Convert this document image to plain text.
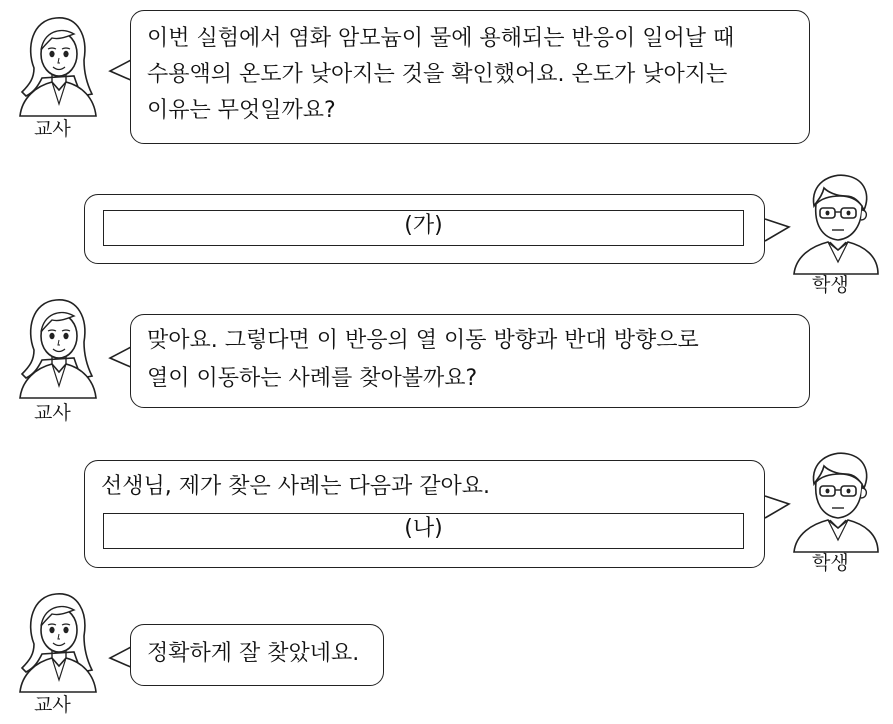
교사
이번 실험에서 염화 암모늄이 물에 용해되는 반응이 일어날 때
수용액의 온도가 낮아지는 것을 확인했어요. 온도가 낮아지는
이유는 무엇일까요?
(가)
학생
교사
맞아요. 그렇다면 이 반응의 열 이동 방향과 반대 방향으로
열이 이동하는 사례를 찾아볼까요?
선생님, 제가 찾은 사례는 다음과 같아요.
(나)
학생
교사
정확하게 잘 찾았네요.
